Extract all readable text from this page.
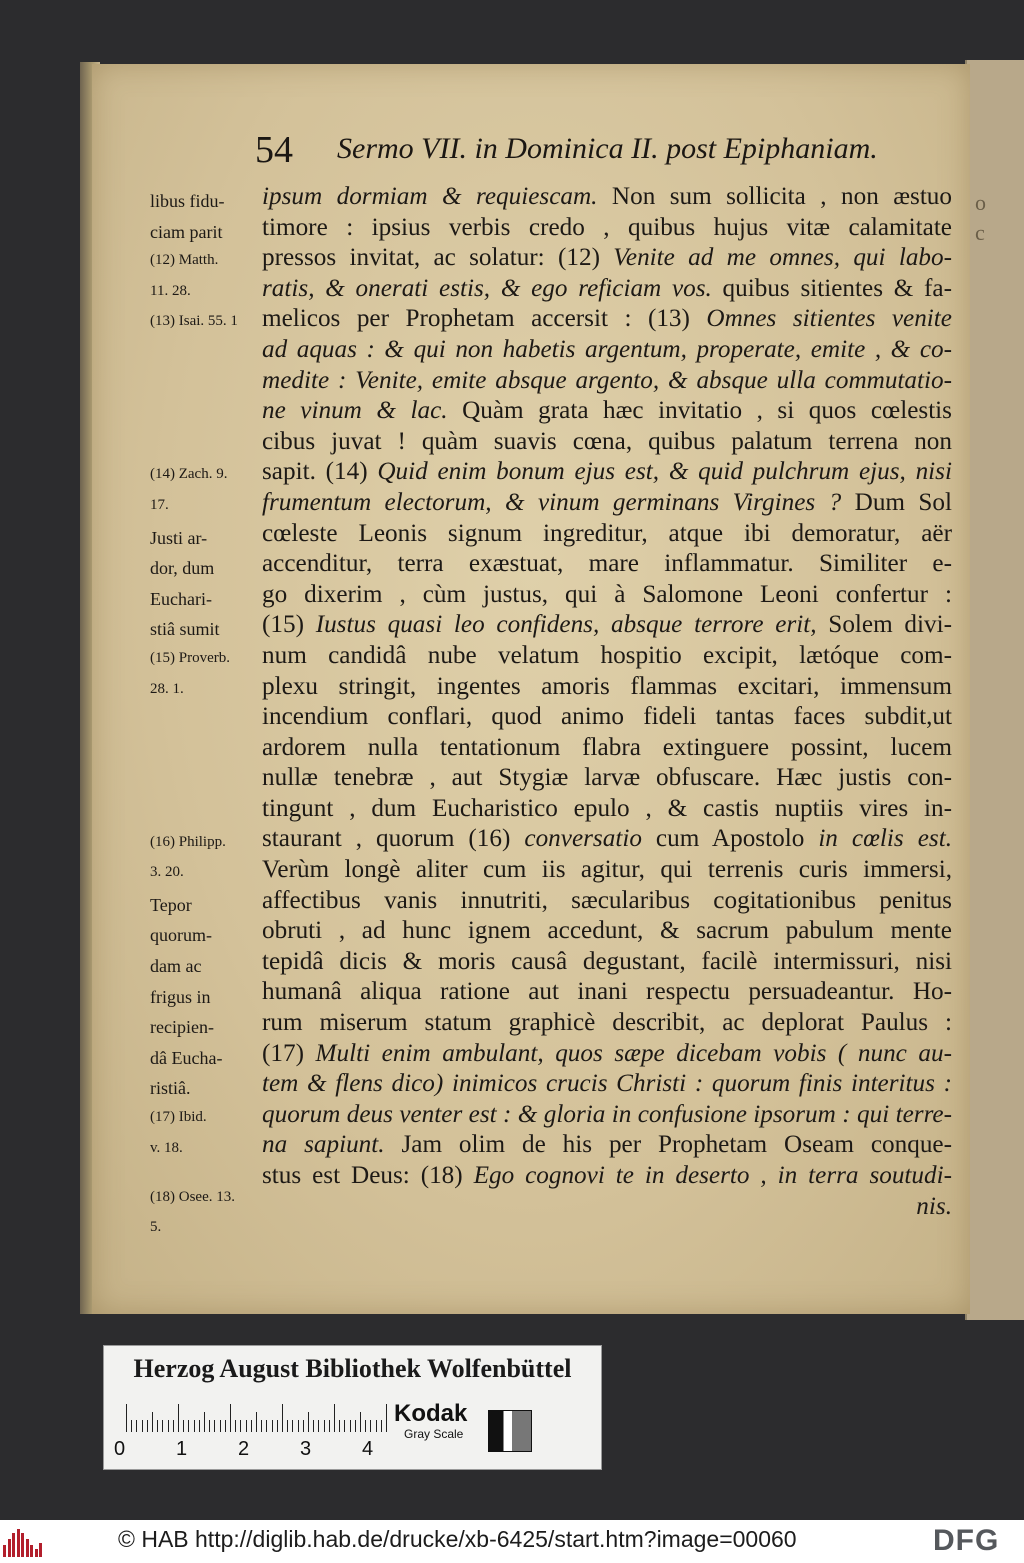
o
c
54 Sermo VII. in Dominica II. post Epiphaniam.
ipsum dormiam & requiescam. Non sum sollicita , non æstuo
timore : ipsius verbis credo , quibus hujus vitæ calamitate
pressos invitat, ac solatur: (12) Venite ad me omnes, qui labo-
ratis, & onerati estis, & ego reficiam vos. quibus sitientes & fa-
melicos per Prophetam accersit : (13) Omnes sitientes venite
ad aquas : & qui non habetis argentum, properate, emite , & co-
medite : Venite, emite absque argento, & absque ulla commutatio-
ne vinum & lac. Quàm grata hæc invitatio , si quos cœlestis
cibus juvat ! quàm suavis cœna, quibus palatum terrena non
sapit. (14) Quid enim bonum ejus est, & quid pulchrum ejus, nisi
frumentum electorum, & vinum germinans Virgines ? Dum Sol
cœleste Leonis signum ingreditur, atque ibi demoratur, aër
accenditur, terra exæstuat, mare inflammatur. Similiter e-
go dixerim , cùm justus, qui à Salomone Leoni confertur :
(15) Iustus quasi leo confidens, absque terrore erit, Solem divi-
num candidâ nube velatum hospitio excipit, lætóque com-
plexu stringit, ingentes amoris flammas excitari, immensum
incendium conflari, quod animo fideli tantas faces subdit,ut
ardorem nulla tentationum flabra extinguere possint, lucem
nullæ tenebræ , aut Stygiæ larvæ obfuscare. Hæc justis con-
tingunt , dum Eucharistico epulo , & castis nuptiis vires in-
staurant , quorum (16) conversatio cum Apostolo in cœlis est.
Verùm longè aliter cum iis agitur, qui terrenis curis immersi,
affectibus vanis innutriti, sæcularibus cogitationibus penitus
obruti , ad hunc ignem accedunt, & sacrum pabulum mente
tepidâ dicis & moris causâ degustant, facilè intermissuri, nisi
humanâ aliqua ratione aut inani respectu persuadeantur. Ho-
rum miserum statum graphicè describit, ac deplorat Paulus :
(17) Multi enim ambulant, quos sæpe dicebam vobis ( nunc au-
tem & flens dico) inimicos crucis Christi : quorum finis interitus :
quorum deus venter est : & gloria in confusione ipsorum : qui terre-
na sapiunt. Jam olim de his per Prophetam Oseam conque-
stus est Deus: (18) Ego cognovi te in deserto , in terra soutudi-
nis.
libus fidu-
ciam parit
(12) Matth.
11. 28.
(13) Isai. 55. 1
(14) Zach. 9.
17.
Justi ar-
dor, dum
Euchari-
stiâ sumit
(15) Proverb.
28. 1.
(16) Philipp.
3. 20.
Tepor
quorum-
dam ac
frigus in
recipien-
dâ Eucha-
ristiâ.
(17) Ibid.
v. 18.
(18) Osee. 13.
5.
Herzog August Bibliothek Wolfenbüttel
0	1	2	3	4
Kodak
Gray Scale
© HAB http://diglib.hab.de/drucke/xb-6425/start.htm?image=00060	DFG
